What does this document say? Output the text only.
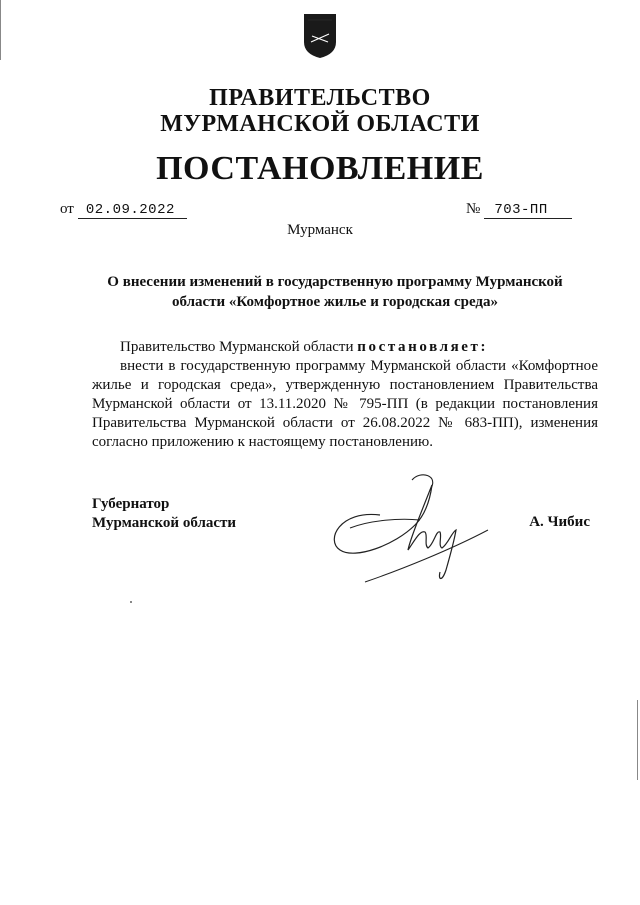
ПРАВИТЕЛЬСТВО
МУРМАНСКОЙ ОБЛАСТИ
ПОСТАНОВЛЕНИЕ
от 02.09.2022	№ 703-ПП
Мурманск
О внесении изменений в государственную программу Мурманской
области «Комфортное жилье и городская среда»
Правительство Мурманской области постановляет:

внести в государственную программу Мурманской области «Комфортное жилье и городская среда», утвержденную постановлением Правительства Мурманской области от 13.11.2020 № 795-ПП (в редакции постановления Правительства Мурманской области от 26.08.2022 № 683-ПП), изменения согласно приложению к настоящему постановлению.

Губернатор
Мурманской области	А. Чибис
